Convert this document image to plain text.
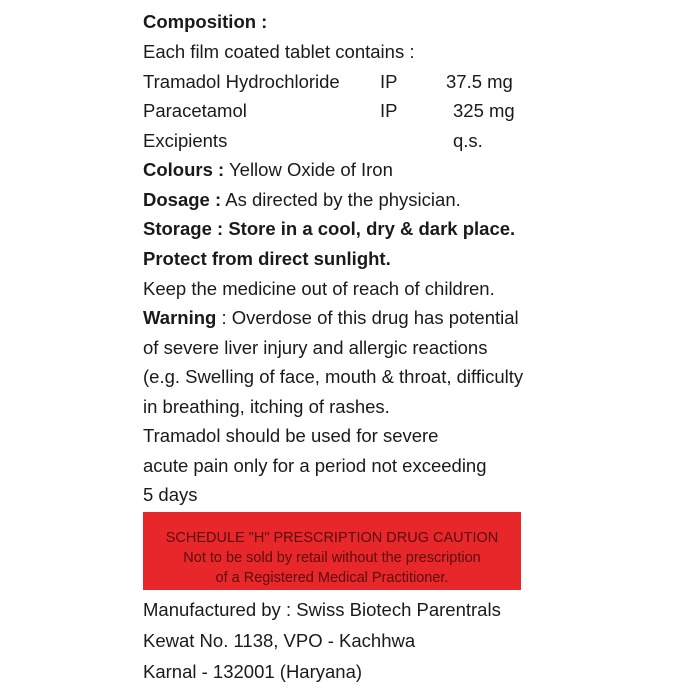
Composition :
Each film coated tablet contains :
Tramadol Hydrochloride IP	37.5 mg
Paracetamol	IP	325 mg
Excipients	q.s.
Colours : Yellow Oxide of Iron
Dosage : As directed by the physician.
Storage : Store in a cool, dry & dark place.
Protect from direct sunlight.
Keep the medicine out of reach of children.
Warning : Overdose of this drug has potential
of severe liver injury and allergic reactions
(e.g. Swelling of face, mouth & throat, difficulty
in breathing, itching of rashes.
Tramadol should be used for severe
acute pain only for a period not exceeding
5 days
SCHEDULE "H" PRESCRIPTION DRUG CAUTION
Not to be sold by retail without the prescription
of a Registered Medical Practitioner.
Manufactured by : Swiss Biotech Parentrals
Kewat No. 1138, VPO - Kachhwa
Karnal - 132001 (Haryana)
